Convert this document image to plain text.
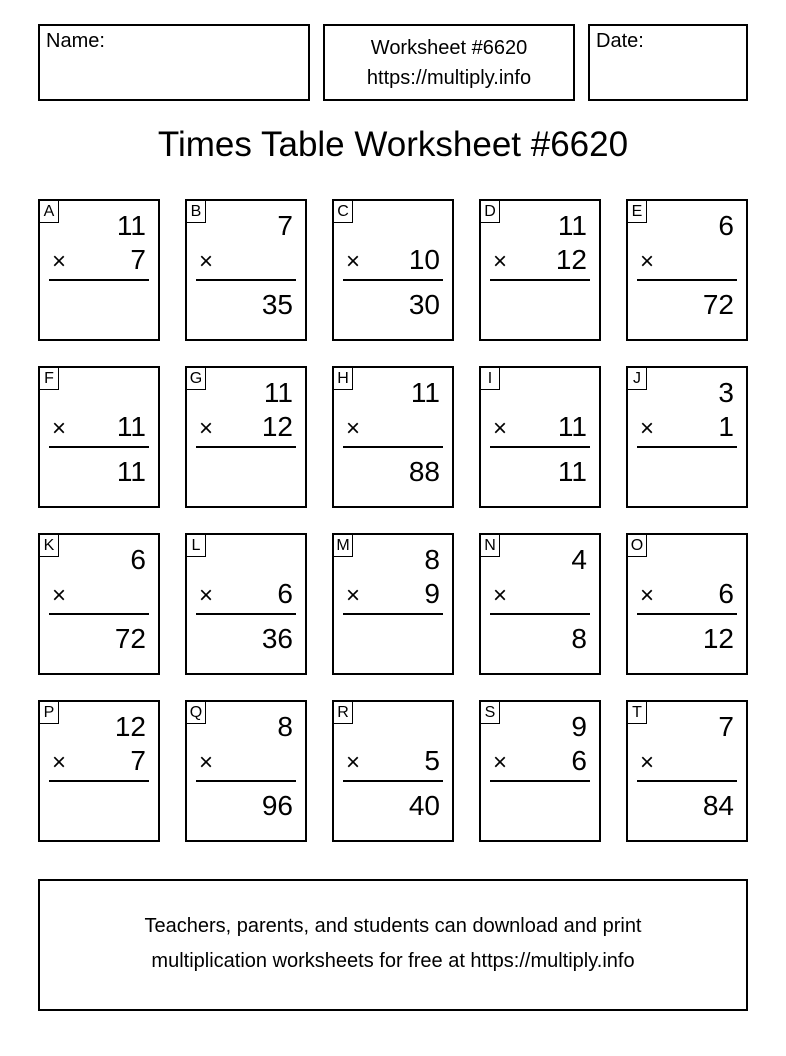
Name:	Worksheet #6620
https://multiply.info
Date:
Times Table Worksheet #6620
A 11
× 7
B	7
×
35
C
× 10
30
D 11
× 12
E	6
×
72
F
× 11
11
G 11
× 12
H 11
×
88
I
× 11
11
J	3
× 1
K	6
×
72
L
× 6
36
M	8
× 9
N	4
×
8
O
× 6
12
P 12
× 7
Q	8
×
96
R
× 5
40
S	9
× 6
T	7
×
84
Teachers, parents, and students can download and print
multiplication worksheets for free at https://multiply.info
